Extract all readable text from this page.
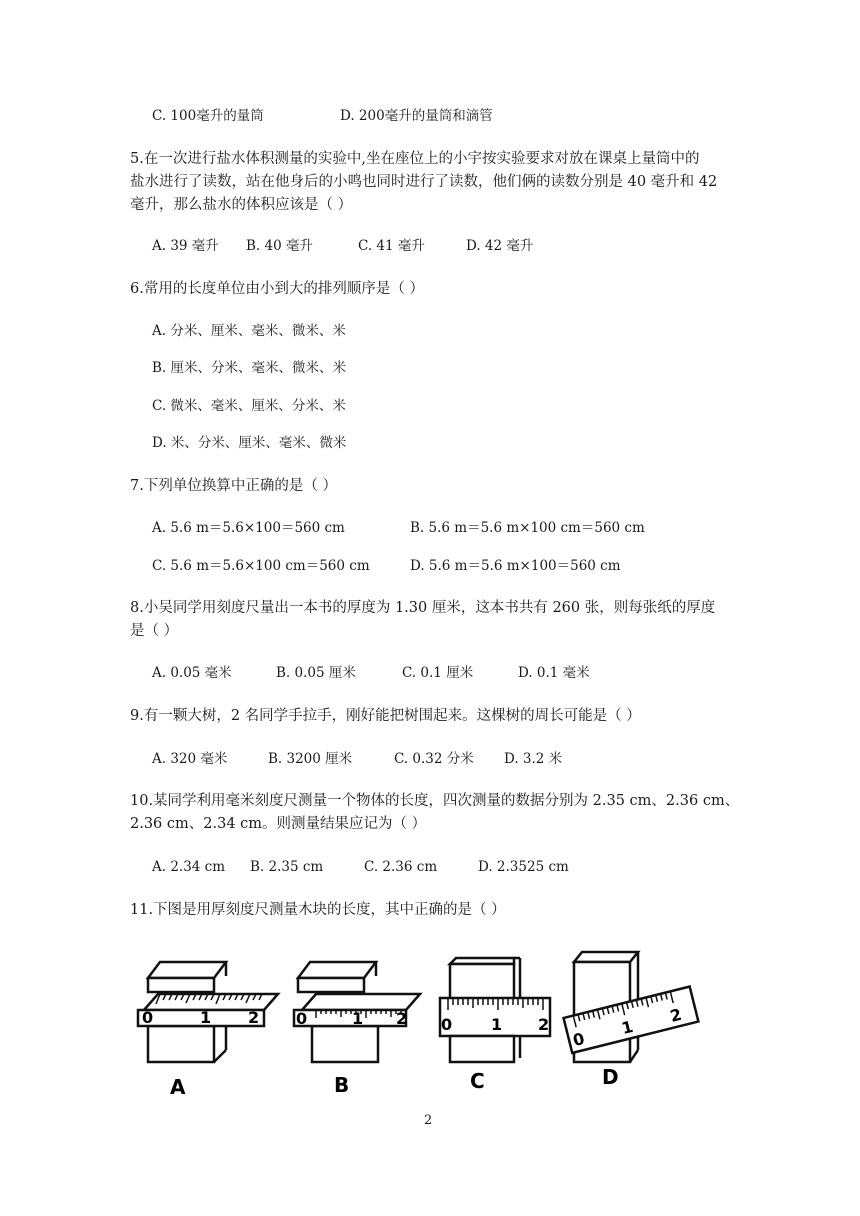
C. 100毫升的量筒	D. 200毫升的量筒和滴管
5.在一次进行盐水体积测量的实验中,坐在座位上的小宇按实验要求对放在课桌上量筒中的
盐水进行了读数，站在他身后的小鸣也同时进行了读数，他们俩的读数分别是 40 毫升和 42
毫升，那么盐水的体积应该是（ ）
A. 39 毫升 B. 40 毫升	C. 41 毫升	D. 42 毫升
6.常用的长度单位由小到大的排列顺序是（ ）
A. 分米、厘米、毫米、微米、米
B. 厘米、分米、毫米、微米、米
C. 微米、毫米、厘米、分米、米
D. 米、分米、厘米、毫米、微米
7.下列单位换算中正确的是（ ）
A. 5.6 m＝5.6×100＝560 cm	B. 5.6 m＝5.6 m×100 cm＝560 cm
C. 5.6 m＝5.6×100 cm＝560 cm	D. 5.6 m＝5.6 m×100＝560 cm
8.小吴同学用刻度尺量出一本书的厚度为 1.30 厘米，这本书共有 260 张，则每张纸的厚度
是（ ）
A. 0.05 毫米	B. 0.05 厘米	C. 0.1 厘米	D. 0.1 毫米
9.有一颗大树，2 名同学手拉手，刚好能把树围起来。这棵树的周长可能是（ ）
A. 320 毫米	B. 3200 厘米	C. 0.32 分米 D. 3.2 米
10.某同学利用毫米刻度尺测量一个物体的长度，四次测量的数据分别为 2.35 cm、2.36 cm、
2.36 cm、2.34 cm。则测量结果应记为（ ）
A. 2.34 cm B. 2.35 cm	C. 2.36 cm	D. 2.3525 cm
11.下图是用厚刻度尺测量木块的长度，其中正确的是（ ）
0	1 2
A
0	1 2
B
0 1 2
C
0
1
2
D
2
